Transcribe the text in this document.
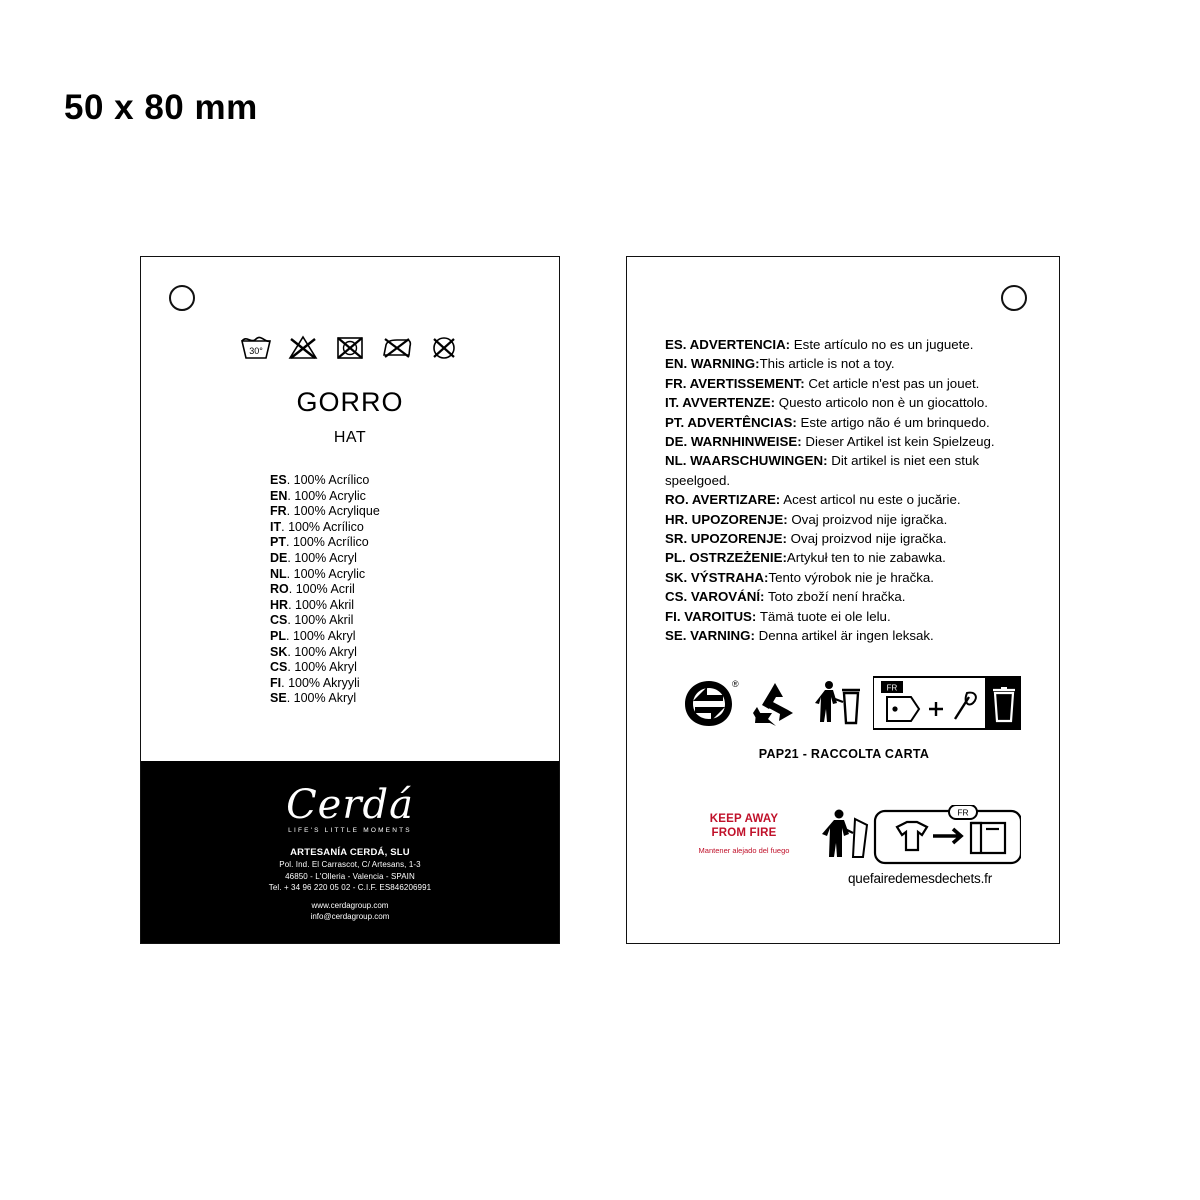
50 x 80 mm
30°
GORRO
HAT
ES. 100% Acrílico
EN. 100% Acrylic
FR. 100% Acrylique
IT. 100% Acrílico
PT. 100% Acrílico
DE. 100% Acryl
NL. 100% Acrylic
RO. 100% Acril
HR. 100% Akril
CS. 100% Akril
PL. 100% Akryl
SK. 100% Akryl
CS. 100% Akryl
FI. 100% Akryyli
SE. 100% Akryl
Cerdá
LIFE'S LITTLE MOMENTS
ARTESANÍA CERDÁ, SLU
Pol. Ind. El Carrascot, C/ Artesans, 1-3
46850 - L'Olleria - Valencia - SPAIN
Tel. + 34 96 220 05 02 - C.I.F. ES846206991
www.cerdagroup.com
info@cerdagroup.com
ES. ADVERTENCIA: Este artículo no es un juguete.
EN. WARNING:This article is not a toy.
FR. AVERTISSEMENT: Cet article n'est pas un jouet.
IT. AVVERTENZE: Questo articolo non è un giocattolo.
PT. ADVERTÊNCIAS: Este artigo não é um brinquedo.
DE. WARNHINWEISE: Dieser Artikel ist kein Spielzeug.
NL. WAARSCHUWINGEN: Dit artikel is niet een stuk speelgoed.
RO. AVERTIZARE: Acest articol nu este o jucărie.
HR. UPOZORENJE: Ovaj proizvod nije igračka.
SR. UPOZORENJE: Ovaj proizvod nije igračka.
PL. OSTRZEŻENIE:Artykuł ten to nie zabawka.
SK. VÝSTRAHA:Tento výrobok nie je hračka.
CS. VAROVÁNÍ: Toto zboží není hračka.
FI. VAROITUS: Tämä tuote ei ole lelu.
SE. VARNING: Denna artikel är ingen leksak.
®	FR
PAP21 - RACCOLTA CARTA
KEEP AWAY
FROM FIRE
Mantener alejado del fuego
FR
quefairedemesdechets.fr
